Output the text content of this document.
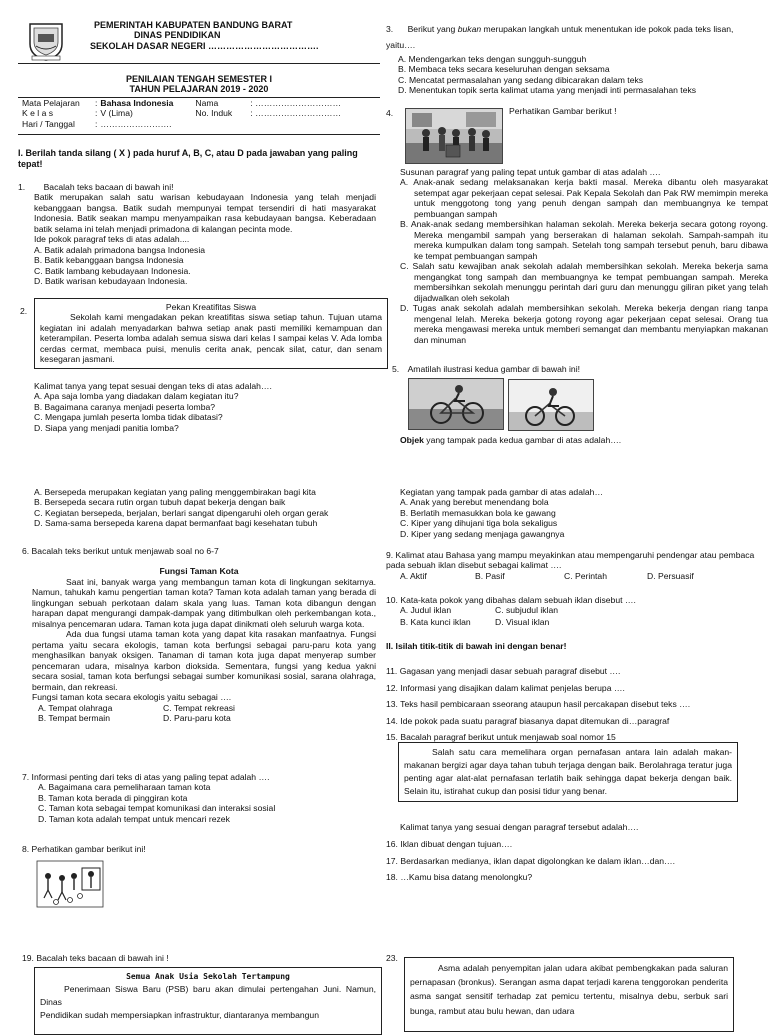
PEMERINTAH KABUPATEN BANDUNG BARAT
DINAS PENDIDIKAN
SEKOLAH DASAR NEGERI ……………………………….
PENILAIAN TENGAH SEMESTER I
TAHUN PELAJARAN 2019 - 2020
Mata Pelajaran	:	Bahasa Indonesia	Nama	: …………………………
K e l a s	:	V (Lima)	No. Induk	: …………………………
Hari / Tanggal	:	…………………….		
I. Berilah tanda silang ( X ) pada huruf A, B, C, atau D pada jawaban yang paling tepat!
1. Bacalah teks bacaan di bawah ini!

Batik merupakan salah satu warisan kebudayaan Indonesia yang telah menjadi kebanggaan bangsa. Batik sudah mempunyai tempat tersendiri di hati masyarakat Indonesia. Batik seakan mampu menyampaikan rasa kebudayaan bangsa. Keberadaan batik selama ini telah menjadi primadona di kalangan pecinta mode.

Ide pokok paragraf teks di atas adalah....
A. Batik adalah primadona bangsa Indonesia
B. Batik kebanggaan bangsa Indonesia
C. Batik lambang kebudayaan Indonesia.
D. Batik warisan kebudayaan Indonesia.
2.	Pekan Kreatifitas Siswa

Sekolah kami mengadakan pekan kreatifitas siswa setiap tahun. Tujuan utama kegiatan ini adalah menyadarkan bahwa setiap anak pasti memiliki kemampuan dan keterampilan. Peserta lomba adalah semua siswa dari kelas I sampai kelas V. Ada lomba cerdas cermat, membaca puisi, menulis cerita anak, pencak silat, catur, dan senam kesegaran jasmani.

Kalimat tanya yang tepat sesuai dengan teks di atas adalah….
A. Apa saja lomba yang diadakan dalam kegiatan itu?
B. Bagaimana caranya menjadi peserta lomba?
C. Mengapa jumlah peserta lomba tidak dibatasi?
D. Siapa yang menjadi panitia lomba?
A. Bersepeda merupakan kegiatan yang paling menggembirakan bagi kita
B. Bersepeda secara rutin organ tubuh dapat bekerja dengan baik
C. Kegiatan bersepeda, berjalan, berlari sangat dipengaruhi oleh organ gerak
D. Sama-sama bersepeda karena dapat bermanfaat bagi kesehatan tubuh
6. Bacalah teks berikut untuk menjawab soal no 6-7
Fungsi Taman Kota

Saat ini, banyak warga yang membangun taman kota di lingkungan sekitarnya. Namun, tahukah kamu pengertian taman kota? Taman kota adalah taman yang berada di lingkungan sebuah perkotaan dalam skala yang luas. Taman kota dibangun dengan harapan dapat mengurangi dampak-dampak yang ditimbulkan oleh perkembangan kota., misalnya pencemaran udara. Taman kota juga dapat dinikmati oleh seluruh warga kota.

Ada dua fungsi utama taman kota yang dapat kita rasakan manfaatnya. Fungsi pertama yaitu secara ekologis, taman kota berfungsi sebagai paru-paru kota yang menghasilkan banyak oksigen. Tanaman di taman kota juga dapat menyerap sumber pencemaran udara, misalnya karbon dioksida. Sementara, fungsi yang kedua yakni secara sosial, taman kota berfungsi sebagai sumber komunikasi sosial, sarana olahraga, bermain, dan rekreasi.

Fungsi taman kota secara ekologis yaitu sebagai ….
A. Tempat olahraga	C. Tempat rekreasi
B. Tempat bermain	D. Paru-paru kota
7. Informasi penting dari teks di atas yang paling tepat adalah ….
A. Bagaimana cara pemeliharaan taman kota
B. Taman kota berada di pinggiran kota
C. Taman kota sebagai tempat komunikasi dan interaksi sosial
D. Taman kota adalah tempat untuk mencari rezek
8. Perhatikan gambar berikut ini!
19. Bacalah teks bacaan di bawah ini !
Semua Anak Usia Sekolah Tertampung

Penerimaan Siswa Baru (PSB) baru akan dimulai pertengahan Juni. Namun, Dinas

Pendidikan sudah mempersiapkan infrastruktur, diantaranya membangun

3. Berikut yang bukan merupakan langkah untuk menentukan ide pokok pada teks lisan, yaitu….
A. Mendengarkan teks dengan sungguh-sungguh
B. Membaca teks secara keseluruhan dengan seksama
C. Mencatat permasalahan yang sedang dibicarakan dalam teks
D. Menentukan topik serta kalimat utama yang menjadi inti permasalahan teks
4.	Perhatikan Gambar berikut !
Susunan paragraf yang paling tepat untuk gambar di atas adalah ….

A. Anak-anak sedang melaksanakan kerja bakti masal. Mereka dibantu oleh masyarakat setempat agar pekerjaan cepat selesai. Pak Kepala Sekolah dan Pak RW memimpin mereka untuk menggotong tong yang penuh dengan sampah dan membuangnya ke tempat pembuangan sampah

B. Anak-anak sedang membersihkan halaman sekolah. Mereka bekerja secara gotong royong. Mereka mengambil sampah yang berserakan di halaman sekolah. Sampah-sampah itu mereka kumpulkan dalam tong sampah. Setelah tong sampah tersebut penuh, baru dibawa ke tempat pembuangan sampah

C. Salah satu kewajiban anak sekolah adalah membersihkan sekolah. Mereka bekerja sama mengangkat tong sampah dan membuangnya ke tempat pembuangan sampah. Mereka membersihkan sekolah menunggu perintah dari guru dan menunggu giliran piket yang telah dijadwalkan oleh sekolah

D. Tugas anak sekolah adalah membersihkan sekolah. Mereka bekerja dengan riang tanpa mengenal lelah. Mereka bekerja gotong royong agar pekerjaan cepat selesai. Orang tua mereka mengawasi mereka untuk memberi semangat dan membantu menyiapkan makanan dan minuman

5. Amatilah ilustrasi kedua gambar di bawah ini!
Objek yang tampak pada kedua gambar di atas adalah….
Kegiatan yang tampak pada gambar di atas adalah…
A. Anak yang berebut menendang bola
B. Berlatih memasukkan bola ke gawang
C. Kiper yang dihujani tiga bola sekaligus
D. Kiper yang sedang menjaga gawangnya
9. Kalimat atau Bahasa yang mampu meyakinkan atau mempengaruhi pendengar atau pembaca pada sebuah iklan disebut sebagai kalimat ….
A. Aktif	B. Pasif	C. Perintah	D. Persuasif
10. Kata-kata pokok yang dibahas dalam sebuah iklan disebut ….
A. Judul iklan	C. subjudul iklan
B. Kata kunci iklan	D. Visual iklan
II. Isilah titik-titik di bawah ini dengan benar!
11. Gagasan yang menjadi dasar sebuah paragraf disebut ….
12. Informasi yang disajikan dalam kalimat penjelas berupa ….
13. Teks hasil pembicaraan sseorang ataupun hasil percakapan disebut teks ….
14. Ide pokok pada suatu paragraf biasanya dapat ditemukan di…paragraf
15. Bacalah paragraf berikut untuk menjawab soal nomor 15

Salah satu cara memelihara organ pernafasan antara lain adalah makan-makanan bergizi agar daya tahan tubuh terjaga dengan baik. Berolahraga teratur juga penting agar alat-alat pernafasan terlatih baik sehingga dapat bekerja dengan baik. Selain itu, istirahat cukup dan posisi tidur yang benar.

Kalimat tanya yang sesuai dengan paragraf tersebut adalah….
16. Iklan dibuat dengan tujuan….
17. Berdasarkan medianya, iklan dapat digolongkan ke dalam iklan…dan….
18. …Kamu bisa datang menolongku?
23.

Asma adalah penyempitan jalan udara akibat pembengkakan pada saluran pernapasan (bronkus). Serangan asma dapat terjadi karena tenggorokan penderita asma sangat sensitif terhadap zat pemicu tertentu, misalnya debu, serbuk sari bunga, rambut atau bulu hewan, dan udara
